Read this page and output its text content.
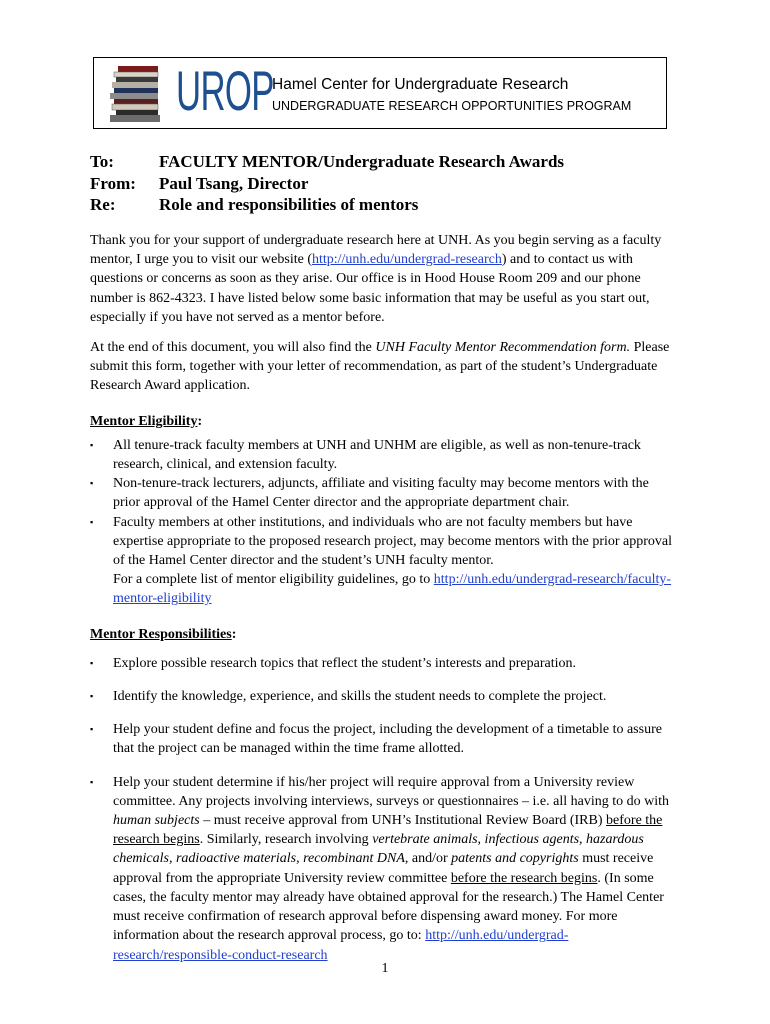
UROP
Hamel Center for Undergraduate Research
UNDERGRADUATE RESEARCH OPPORTUNITIES PROGRAM
To:	FACULTY MENTOR/Undergraduate Research Awards
From:	Paul Tsang, Director
Re:	Role and responsibilities of mentors

Thank you for your support of undergraduate research here at UNH. As you begin serving as a faculty mentor, I urge you to visit our website (http://unh.edu/undergrad-research) and to contact us with questions or concerns as soon as they arise. Our office is in Hood House Room 209 and our phone number is 862-4323. I have listed below some basic information that may be useful as you start out, especially if you have not served as a mentor before.

At the end of this document, you will also find the UNH Faculty Mentor Recommendation form. Please submit this form, together with your letter of recommendation, as part of the student’s Undergraduate Research Award application.

Mentor Eligibility:
▪ All tenure-track faculty members at UNH and UNHM are eligible, as well as non-tenure-track research, clinical, and extension faculty.
▪ Non-tenure-track lecturers, adjuncts, affiliate and visiting faculty may become mentors with the prior approval of the Hamel Center director and the appropriate department chair.
▪ Faculty members at other institutions, and individuals who are not faculty members but have expertise appropriate to the proposed research project, may become mentors with the prior approval of the Hamel Center director and the student’s UNH faculty mentor.
For a complete list of mentor eligibility guidelines, go to http://unh.edu/undergrad-research/faculty-mentor-eligibility
Mentor Responsibilities:
▪ Explore possible research topics that reflect the student’s interests and preparation.
▪ Identify the knowledge, experience, and skills the student needs to complete the project.
▪ Help your student define and focus the project, including the development of a timetable to assure that the project can be managed within the time frame allotted.
▪ Help your student determine if his/her project will require approval from a University review committee. Any projects involving interviews, surveys or questionnaires – i.e. all having to do with human subjects – must receive approval from UNH’s Institutional Review Board (IRB) before the research begins. Similarly, research involving vertebrate animals, infectious agents, hazardous chemicals, radioactive materials, recombinant DNA, and/or patents and copyrights must receive approval from the appropriate University review committee before the research begins. (In some cases, the faculty mentor may already have obtained approval for the research.) The Hamel Center must receive confirmation of research approval before dispensing award money. For more information about the research approval process, go to: http://unh.edu/undergrad-research/responsible-conduct-research
1
